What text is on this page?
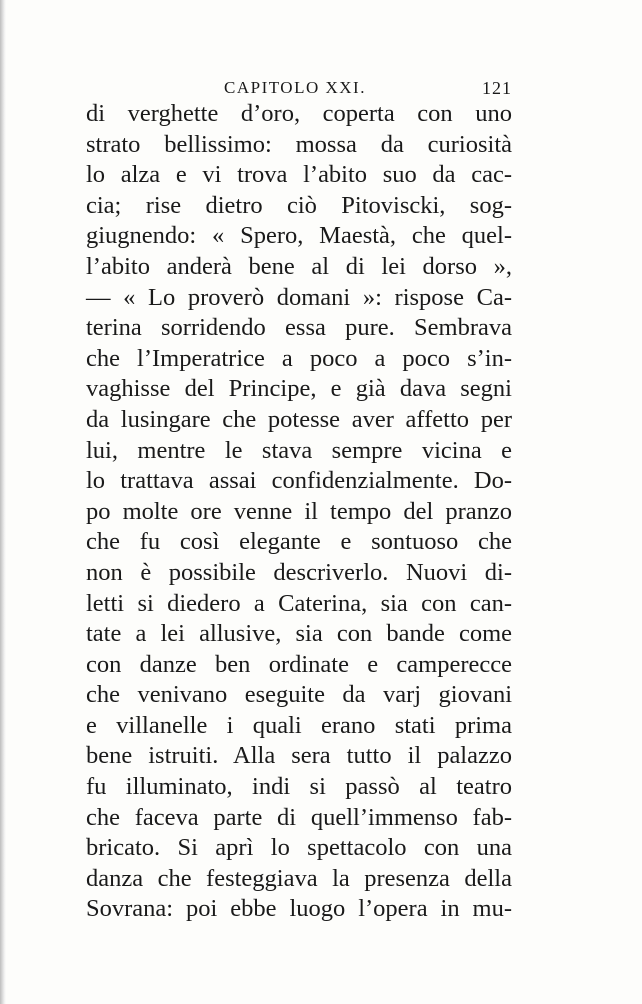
CAPITOLO XXI.	121
di verghette d’oro, coperta con uno
strato bellissimo: mossa da curiosità
lo alza e vi trova l’abito suo da cac-
cia; rise dietro ciò Pitoviscki, sog-
giugnendo: « Spero, Maestà, che quel-
l’abito anderà bene al di lei dorso »,
— « Lo proverò domani »: rispose Ca-
terina sorridendo essa pure. Sembrava
che l’Imperatrice a poco a poco s’in-
vaghisse del Principe, e già dava segni
da lusingare che potesse aver affetto per
lui, mentre le stava sempre vicina e
lo trattava assai confidenzialmente. Do-
po molte ore venne il tempo del pranzo
che fu così elegante e sontuoso che
non è possibile descriverlo. Nuovi di-
letti si diedero a Caterina, sia con can-
tate a lei allusive, sia con bande come
con danze ben ordinate e camperecce
che venivano eseguite da varj giovani
e villanelle i quali erano stati prima
bene istruiti. Alla sera tutto il palazzo
fu illuminato, indi si passò al teatro
che faceva parte di quell’immenso fab-
bricato. Si aprì lo spettacolo con una
danza che festeggiava la presenza della
Sovrana: poi ebbe luogo l’opera in mu-
